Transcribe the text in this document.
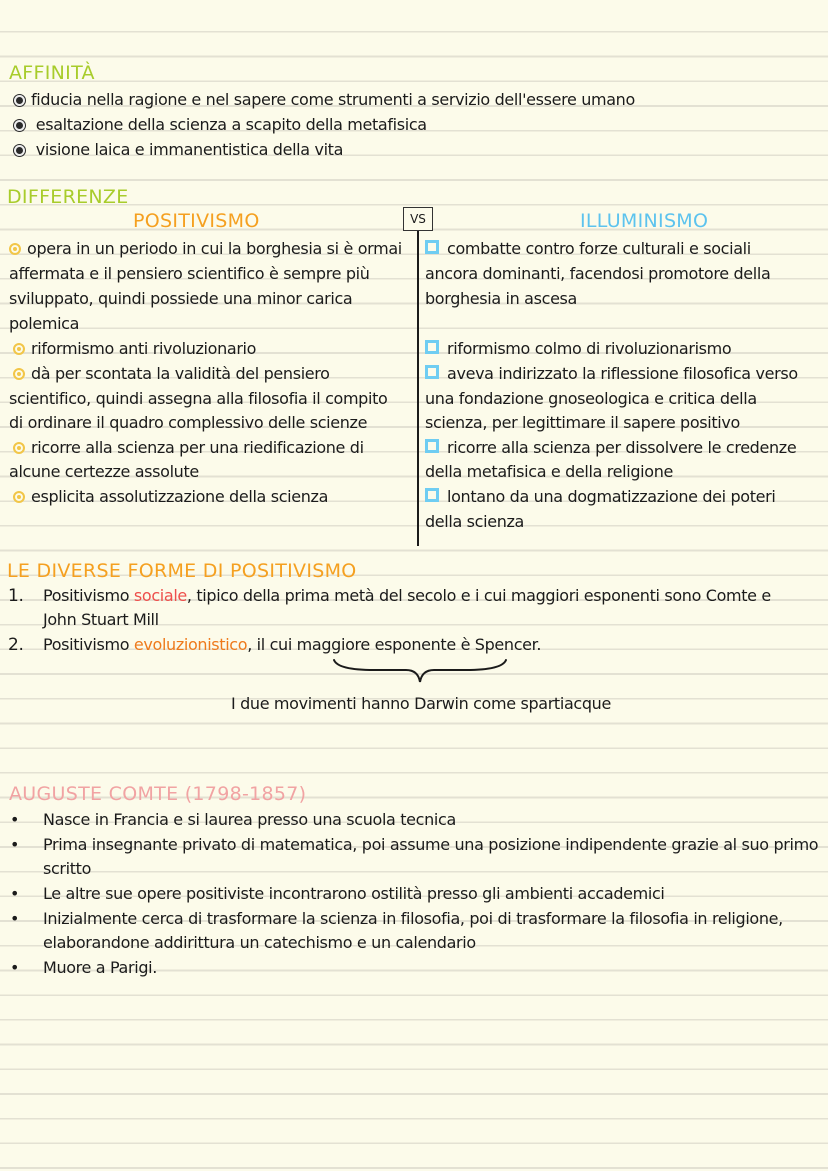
AFFINITÀ
fiducia nella ragione e nel sapere come strumenti a servizio dell'essere umano
esaltazione della scienza a scapito della metafisica
visione laica e immanentistica della vita
DIFFERENZE
POSITIVISMO	VS	ILLUMINISMO
opera in un periodo in cui la borghesia si è ormai
affermata e il pensiero scientifico è sempre più
sviluppato, quindi possiede una minor carica
polemica
riformismo anti rivoluzionario
dà per scontata la validità del pensiero
scientifico, quindi assegna alla filosofia il compito
di ordinare il quadro complessivo delle scienze
ricorre alla scienza per una riedificazione di
alcune certezze assolute
esplicita assolutizzazione della scienza
combatte contro forze culturali e sociali
ancora dominanti, facendosi promotore della
borghesia in ascesa
riformismo colmo di rivoluzionarismo
aveva indirizzato la riflessione filosofica verso
una fondazione gnoseologica e critica della
scienza, per legittimare il sapere positivo
ricorre alla scienza per dissolvere le credenze
della metafisica e della religione
lontano da una dogmatizzazione dei poteri
della scienza
LE DIVERSE FORME DI POSITIVISMO
1. Positivismo sociale, tipico della prima metà del secolo e i cui maggiori esponenti sono Comte e
John Stuart Mill
2. Positivismo evoluzionistico, il cui maggiore esponente è Spencer.
I due movimenti hanno Darwin come spartiacque
AUGUSTE COMTE (1798-1857)
• Nasce in Francia e si laurea presso una scuola tecnica
• Prima insegnante privato di matematica, poi assume una posizione indipendente grazie al suo primo
scritto
• Le altre sue opere positiviste incontrarono ostilità presso gli ambienti accademici
• Inizialmente cerca di trasformare la scienza in filosofia, poi di trasformare la filosofia in religione,
elaborandone addirittura un catechismo e un calendario
• Muore a Parigi.
